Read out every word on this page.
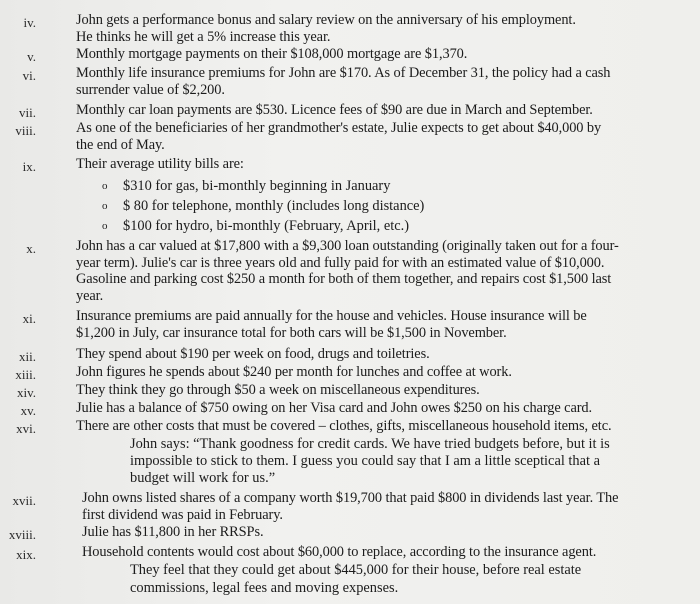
iv.	John gets a performance bonus and salary review on the anniversary of his employment.
He thinks he will get a 5% increase this year.
v.	Monthly mortgage payments on their $108,000 mortgage are $1,370.
vi.	Monthly life insurance premiums for John are $170. As of December 31, the policy had a cash
surrender value of $2,200.
vii.	Monthly car loan payments are $530. Licence fees of $90 are due in March and September.
viii.	As one of the beneficiaries of her grandmother's estate, Julie expects to get about $40,000 by
the end of May.
ix.	Their average utility bills are:
o $310 for gas, bi-monthly beginning in January
o $ 80 for telephone, monthly (includes long distance)
o $100 for hydro, bi-monthly (February, April, etc.)
x.	John has a car valued at $17,800 with a $9,300 loan outstanding (originally taken out for a four-
year term). Julie's car is three years old and fully paid for with an estimated value of $10,000.
Gasoline and parking cost $250 a month for both of them together, and repairs cost $1,500 last
year.
xi.	Insurance premiums are paid annually for the house and vehicles. House insurance will be
$1,200 in July, car insurance total for both cars will be $1,500 in November.
xii.	They spend about $190 per week on food, drugs and toiletries.
xiii.	John figures he spends about $240 per month for lunches and coffee at work.
xiv.	They think they go through $50 a week on miscellaneous expenditures.
xv.	Julie has a balance of $750 owing on her Visa card and John owes $250 on his charge card.
xvi.	There are other costs that must be covered – clothes, gifts, miscellaneous household items, etc.
John says: “Thank goodness for credit cards. We have tried budgets before, but it is
impossible to stick to them. I guess you could say that I am a little sceptical that a
budget will work for us.”
xvii.	John owns listed shares of a company worth $19,700 that paid $800 in dividends last year. The
first dividend was paid in February.
xviii.	Julie has $11,800 in her RRSPs.
xix.	Household contents would cost about $60,000 to replace, according to the insurance agent.
They feel that they could get about $445,000 for their house, before real estate
commissions, legal fees and moving expenses.
